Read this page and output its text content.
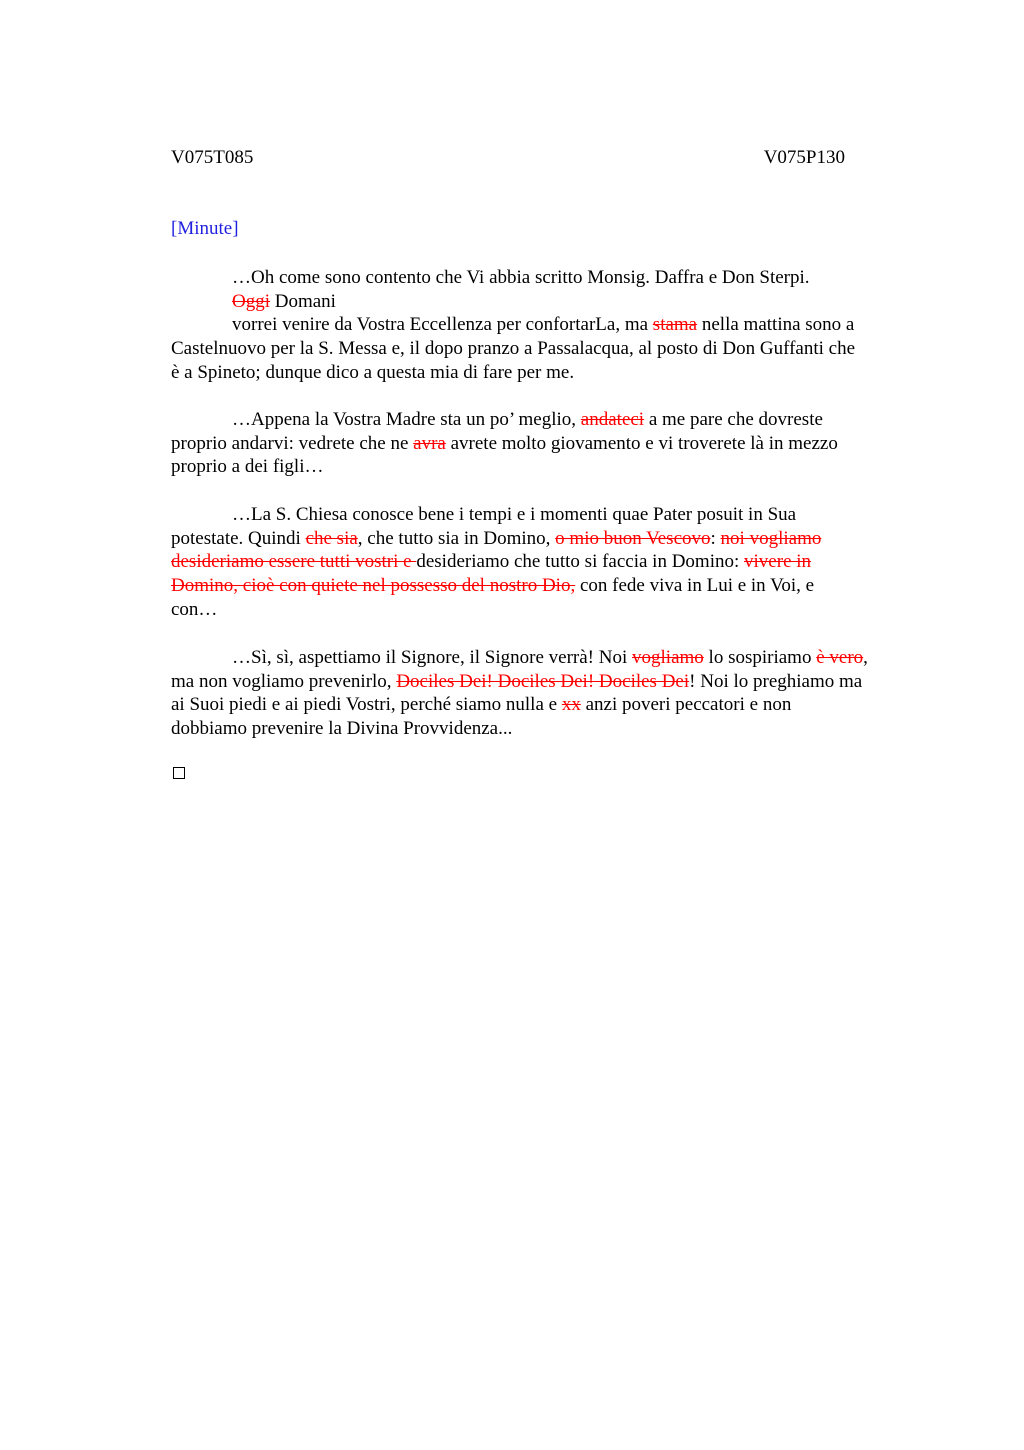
V075T085	V075P130
[Minute]
…Oh come sono contento che Vi abbia scritto Monsig. Daffra e Don Sterpi.
Oggi Domani
vorrei venire da Vostra Eccellenza per confortarLa, ma stama nella mattina sono a
Castelnuovo per la S. Messa e, il dopo pranzo a Passalacqua, al posto di Don Guffanti che
è a Spineto; dunque dico a questa mia di fare per me.
…Appena la Vostra Madre sta un po’ meglio, andateci a me pare che dovreste
proprio andarvi: vedrete che ne avra avrete molto giovamento e vi troverete là in mezzo
proprio a dei figli…
…La S. Chiesa conosce bene i tempi e i momenti quae Pater posuit in Sua
potestate. Quindi che sia, che tutto sia in Domino, o mio buon Vescovo: noi vogliamo
desideriamo essere tutti vostri e desideriamo che tutto si faccia in Domino: vivere in
Domino, cioè con quiete nel possesso del nostro Dio, con fede viva in Lui e in Voi, e
con…
…Sì, sì, aspettiamo il Signore, il Signore verrà! Noi vogliamo lo sospiriamo è vero,
ma non vogliamo prevenirlo, Dociles Dei! Dociles Dei! Dociles Dei! Noi lo preghiamo ma
ai Suoi piedi e ai piedi Vostri, perché siamo nulla e xx anzi poveri peccatori e non
dobbiamo prevenire la Divina Provvidenza...
